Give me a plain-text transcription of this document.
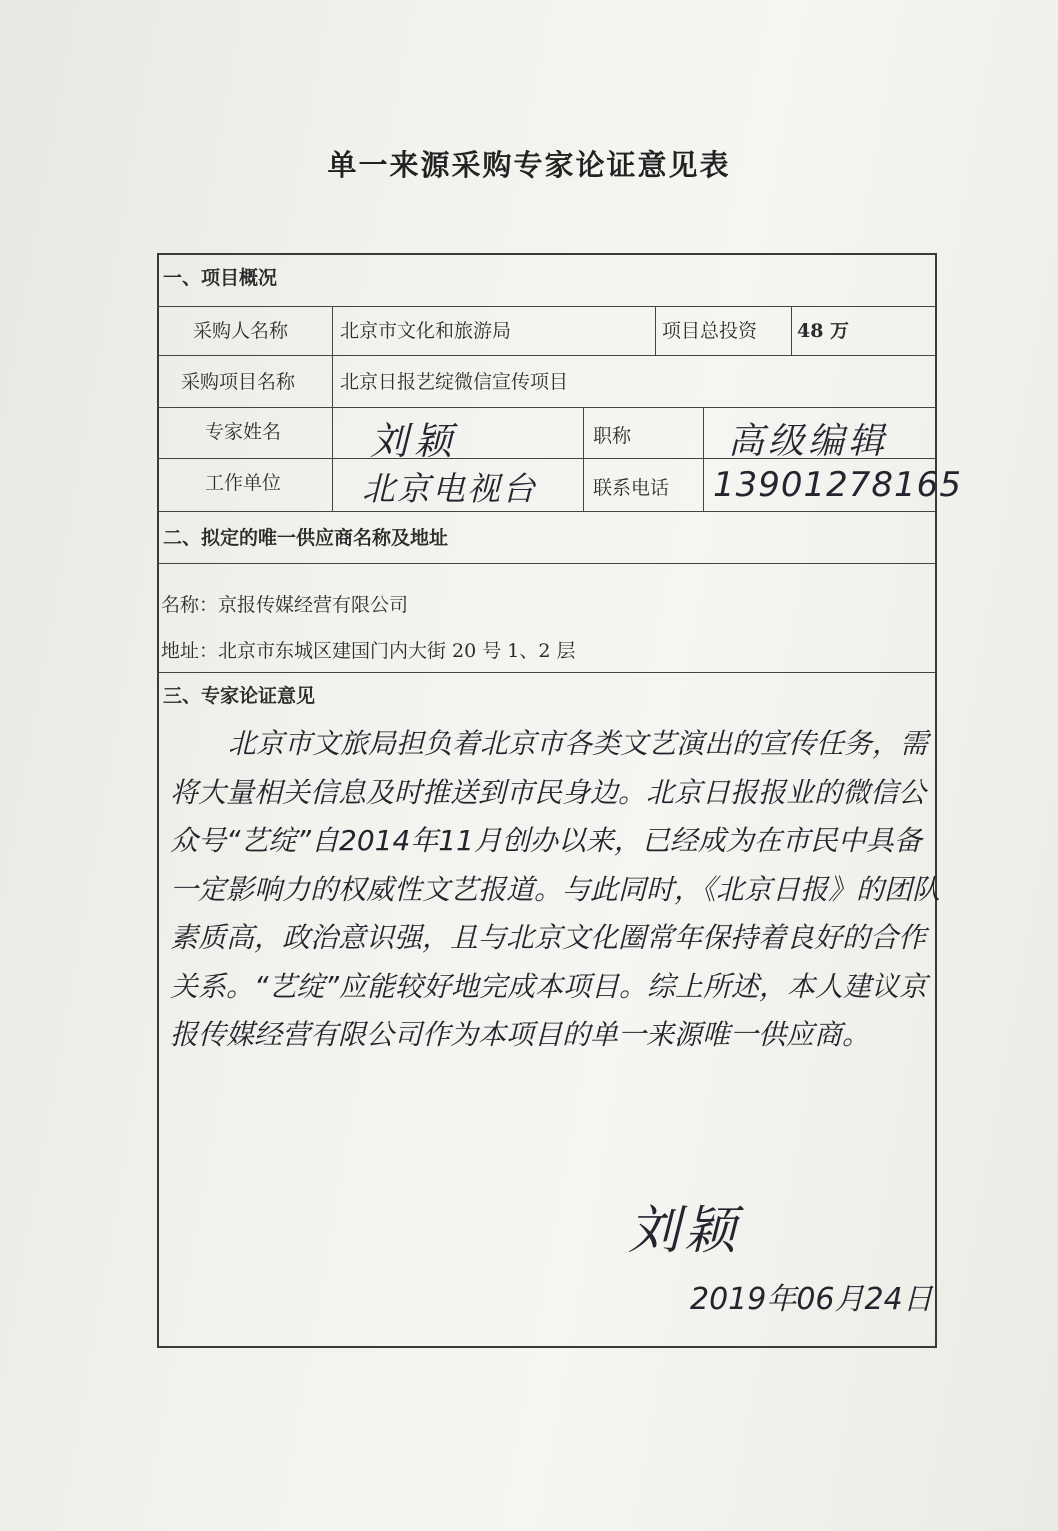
单一来源采购专家论证意见表
一、项目概况
采购人名称	北京市文化和旅游局	项目总投资 48 万
采购项目名称 北京日报艺绽微信宣传项目
专家姓名 刘颖	职称	高级编辑
工作单位 北京电视台	联系电话 13901278165
二、拟定的唯一供应商名称及地址
名称：京报传媒经营有限公司
地址：北京市东城区建国门内大街 20 号 1、2 层
三、专家论证意见

北京市文旅局担负着北京市各类文艺演出的宣传任务，需将大量相关信息及时推送到市民身边。北京日报报业的微信公众号“艺绽”自2014年11月创办以来，已经成为在市民中具备一定影响力的权威性文艺报道。与此同时，《北京日报》的团队素质高，政治意识强，且与北京文化圈常年保持着良好的合作关系。“艺绽”应能较好地完成本项目。综上所述，本人建议京报传媒经营有限公司作为本项目的单一来源唯一供应商。

刘颖
2019年06月24日
